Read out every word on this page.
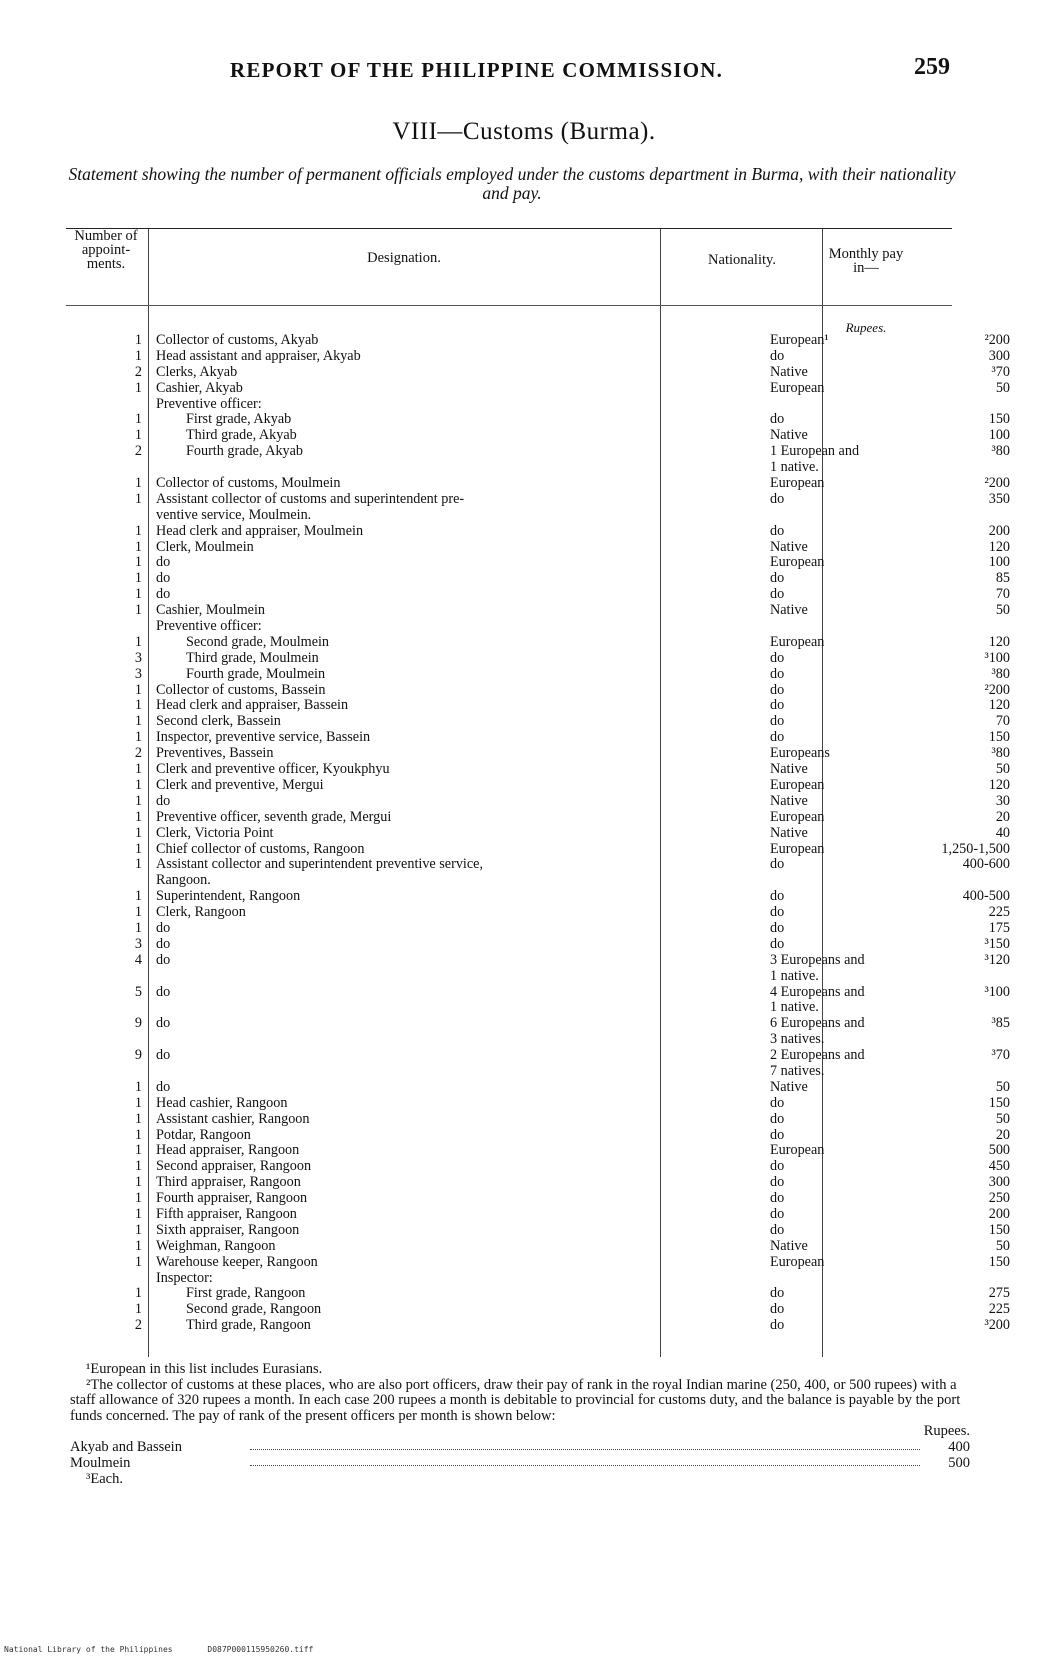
REPORT OF THE PHILIPPINE COMMISSION.	259
VIII—Customs (Burma).
Statement showing the number of permanent officials employed under the customs department in Burma, with their nationality and pay.
Number of appoint-ments.	Designation.	Nationality.	Monthly pay in—
Rupees.
1 Collector of customs, Akyab	European¹	²200
1 Head assistant and appraiser, Akyab	do	300
2 Clerks, Akyab	Native	³70
1 Cashier, Akyab	European	50
Preventive officer:
1	First grade, Akyab	do	150
1	Third grade, Akyab	Native	100
2	Fourth grade, Akyab	1 European and	³80
1 native.
1 Collector of customs, Moulmein	European	²200
1 Assistant collector of customs and superintendent pre-	do	350
ventive service, Moulmein.
1 Head clerk and appraiser, Moulmein	do	200
1 Clerk, Moulmein	Native	120
1 do	European	100
1 do	do	85
1 do	do	70
1 Cashier, Moulmein	Native	50
Preventive officer:
1	Second grade, Moulmein	European	120
3	Third grade, Moulmein	do	³100
3	Fourth grade, Moulmein	do	³80
1 Collector of customs, Bassein	do	²200
1 Head clerk and appraiser, Bassein	do	120
1 Second clerk, Bassein	do	70
1 Inspector, preventive service, Bassein	do	150
2 Preventives, Bassein	Europeans	³80
1 Clerk and preventive officer, Kyoukphyu	Native	50
1 Clerk and preventive, Mergui	European	120
1 do	Native	30
1 Preventive officer, seventh grade, Mergui	European	20
1 Clerk, Victoria Point	Native	40
1 Chief collector of customs, Rangoon	European	1,250-1,500
1 Assistant collector and superintendent preventive service,	do	400-600
Rangoon.
1 Superintendent, Rangoon	do	400-500
1 Clerk, Rangoon	do	225
1 do	do	175
3 do	do	³150
4 do	3 Europeans and	³120
1 native.
5 do	4 Europeans and	³100
1 native.
9 do	6 Europeans and	³85
3 natives.
9 do	2 Europeans and	³70
7 natives.
1 do	Native	50
1 Head cashier, Rangoon	do	150
1 Assistant cashier, Rangoon	do	50
1 Potdar, Rangoon	do	20
1 Head appraiser, Rangoon	European	500
1 Second appraiser, Rangoon	do	450
1 Third appraiser, Rangoon	do	300
1 Fourth appraiser, Rangoon	do	250
1 Fifth appraiser, Rangoon	do	200
1 Sixth appraiser, Rangoon	do	150
1 Weighman, Rangoon	Native	50
1 Warehouse keeper, Rangoon	European	150
Inspector:
1	First grade, Rangoon	do	275
1	Second grade, Rangoon	do	225
2	Third grade, Rangoon	do	³200

¹European in this list includes Eurasians.

²The collector of customs at these places, who are also port officers, draw their pay of rank in the royal Indian marine (250, 400, or 500 rupees) with a staff allowance of 320 rupees a month. In each case 200 rupees a month is debitable to provincial for customs duty, and the balance is payable by the port funds concerned. The pay of rank of the present officers per month is shown below:

Rupees.
Akyab and Bassein	400
Moulmein	500

³Each.

National Library of the Philippines	D087P000115950260.tiff
